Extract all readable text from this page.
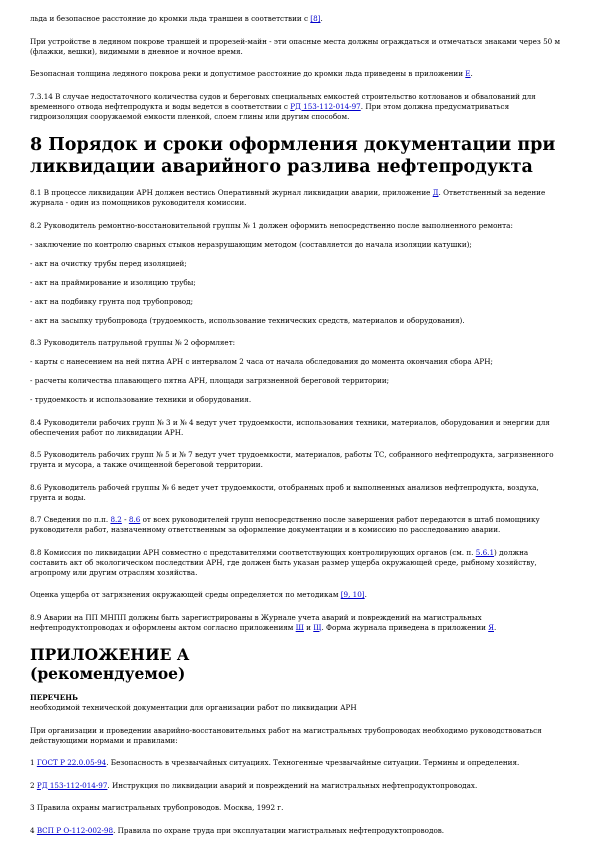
льда и безопасное расстояние до кромки льда траншеи в соответствии с [8].

При устройстве в ледяном покрове траншей и прорезей-майн - эти опасные места должны ограждаться и отмечаться знаками через 50 м (флажки, вешки), видимыми в дневное и ночное время.

Безопасная толщина ледяного покрова реки и допустимое расстояние до кромки льда приведены в приложении Е.

7.3.14 В случае недостаточного количества судов и береговых специальных емкостей строительство котлованов и обвалований для временного отвода нефтепродукта и воды ведется в соответствии с РД 153-112-014-97. При этом должна предусматриваться гидроизоляция сооружаемой емкости пленкой, слоем глины или другим способом.

8 Порядок и сроки оформления документации при ликвидации аварийного разлива нефтепродукта

8.1 В процессе ликвидации АРН должен вестись Оперативный журнал ликвидации аварии, приложение Д. Ответственный за ведение журнала - один из помощников руководителя комиссии.

8.2 Руководитель ремонтно-восстановительной группы № 1 должен оформить непосредственно после выполненного ремонта:

- заключение по контролю сварных стыков неразрушающим методом (составляется до начала изоляции катушки);

- акт на очистку трубы перед изоляцией;

- акт на праймирование и изоляцию трубы;

- акт на подбивку грунта под трубопровод;

- акт на засыпку трубопровода (трудоемкость, использование технических средств, материалов и оборудования).

8.3 Руководитель патрульной группы № 2 оформляет:

- карты с нанесением на ней пятна АРН с интервалом 2 часа от начала обследования до момента окончания сбора АРН;

- расчеты количества плавающего пятна АРН, площади загрязненной береговой территории;

- трудоемкость и использование техники и оборудования.

8.4 Руководители рабочих групп № 3 и № 4 ведут учет трудоемкости, использования техники, материалов, оборудования и энергии для обеспечения работ по ликвидации АРН.

8.5 Руководитель рабочих групп № 5 и № 7 ведут учет трудоемкости, материалов, работы ТС, собранного нефтепродукта, загрязненного грунта и мусора, а также очищенной береговой территории.

8.6 Руководитель рабочей группы № 6 ведет учет трудоемкости, отобранных проб и выполненных анализов нефтепродукта, воздуха, грунта и воды.

8.7 Сведения по п.п. 8.2 - 8.6 от всех руководителей групп непосредственно после завершения работ передаются в штаб помощнику руководителя работ, назначенному ответственным за оформление документации и в комиссию по расследованию аварии.

8.8 Комиссия по ликвидации АРН совместно с представителями соответствующих контролирующих органов (см. п. 5.6.1) должна составить акт об экологическом последствии АРН, где должен быть указан размер ущерба окружающей среде, рыбному хозяйству, агропрому или другим отраслям хозяйства.

Оценка ущерба от загрязнения окружающей среды определяется по методикам [9, 10].

8.9 Аварии на ПП МНПП должны быть зарегистрированы в Журнале учета аварий и повреждений на магистральных нефтепродуктопроводах и оформлены актом согласно приложениям Ш и Щ. Форма журнала приведена в приложении Я.

ПРИЛОЖЕНИЕ А
(рекомендуемое)

ПЕРЕЧЕНЬ

необходимой технической документации для организации работ по ликвидации АРН

При организации и проведении аварийно-восстановительных работ на магистральных трубопроводах необходимо руководствоваться действующими нормами и правилами:

1 ГОСТ Р 22.0.05-94. Безопасность в чрезвычайных ситуациях. Техногенные чрезвычайные ситуации. Термины и определения.

2 РД 153-112-014-97. Инструкция по ликвидации аварий и повреждений на магистральных нефтепродуктопроводах.

3 Правила охраны магистральных трубопроводов. Москва, 1992 г.

4 ВСП Р О-112-002-98. Правила по охране труда при эксплуатации магистральных нефтепродуктопроводов.
